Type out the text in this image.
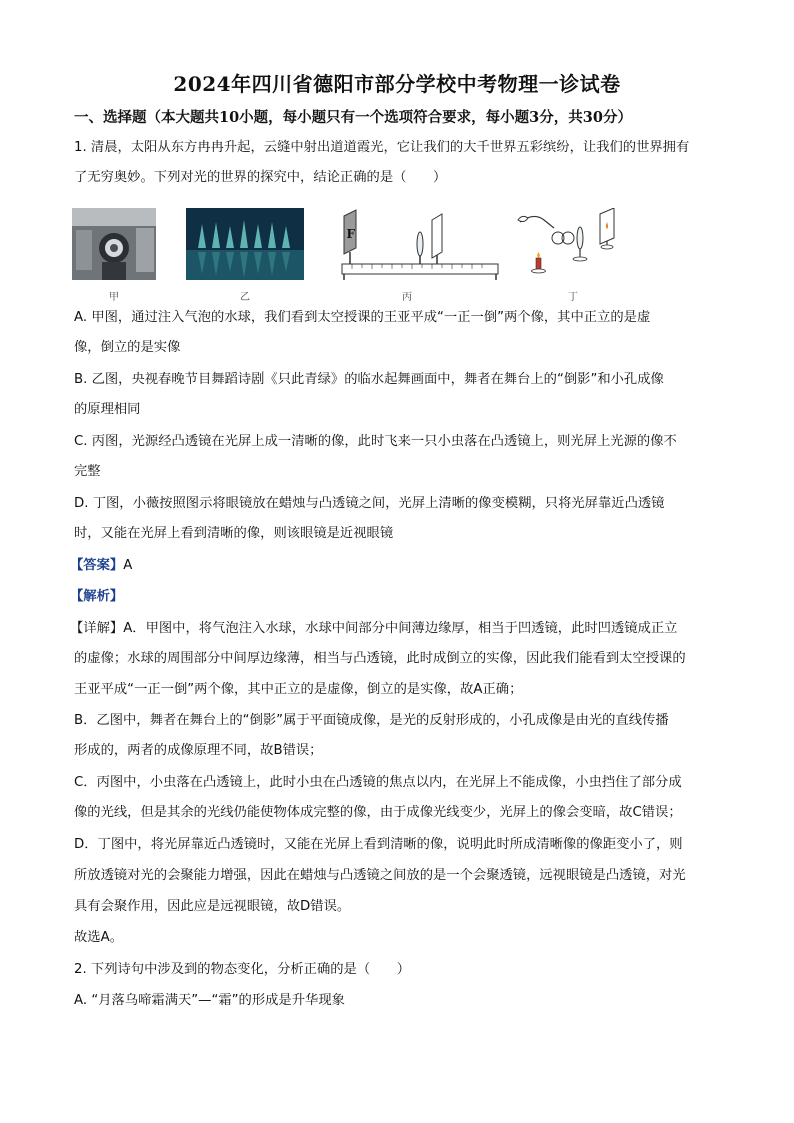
2024年四川省德阳市部分学校中考物理一诊试卷
一、选择题（本大题共10小题，每小题只有一个选项符合要求，每小题3分，共30分）
1. 清晨，太阳从东方冉冉升起，云缝中射出道道霞光，它让我们的大千世界五彩缤纷，让我们的世界拥有
了无穷奥妙。下列对光的世界的探究中，结论正确的是（　　）
甲	乙
F
丙	丁
A. 甲图，通过注入气泡的水球，我们看到太空授课的王亚平成“一正一倒”两个像，其中正立的是虚
像，倒立的是实像
B. 乙图，央视春晚节目舞蹈诗剧《只此青绿》的临水起舞画面中，舞者在舞台上的“倒影”和小孔成像
的原理相同
C. 丙图，光源经凸透镜在光屏上成一清晰的像，此时飞来一只小虫落在凸透镜上，则光屏上光源的像不
完整
D. 丁图，小薇按照图示将眼镜放在蜡烛与凸透镜之间，光屏上清晰的像变模糊，只将光屏靠近凸透镜
时，又能在光屏上看到清晰的像，则该眼镜是近视眼镜
【答案】A
【解析】
【详解】A．甲图中，将气泡注入水球，水球中间部分中间薄边缘厚，相当于凹透镜，此时凹透镜成正立
的虚像；水球的周围部分中间厚边缘薄，相当与凸透镜，此时成倒立的实像，因此我们能看到太空授课的
王亚平成“一正一倒”两个像，其中正立的是虚像，倒立的是实像，故A正确；
B．乙图中，舞者在舞台上的“倒影”属于平面镜成像，是光的反射形成的，小孔成像是由光的直线传播
形成的，两者的成像原理不同，故B错误；
C．丙图中，小虫落在凸透镜上，此时小虫在凸透镜的焦点以内，在光屏上不能成像，小虫挡住了部分成
像的光线，但是其余的光线仍能使物体成完整的像，由于成像光线变少，光屏上的像会变暗，故C错误；
D．丁图中，将光屏靠近凸透镜时，又能在光屏上看到清晰的像，说明此时所成清晰像的像距变小了，则
所放透镜对光的会聚能力增强，因此在蜡烛与凸透镜之间放的是一个会聚透镜，远视眼镜是凸透镜，对光
具有会聚作用，因此应是远视眼镜，故D错误。
故选A。
2. 下列诗句中涉及到的物态变化，分析正确的是（　　）
A. “月落乌啼霜满天”—“霜”的形成是升华现象
